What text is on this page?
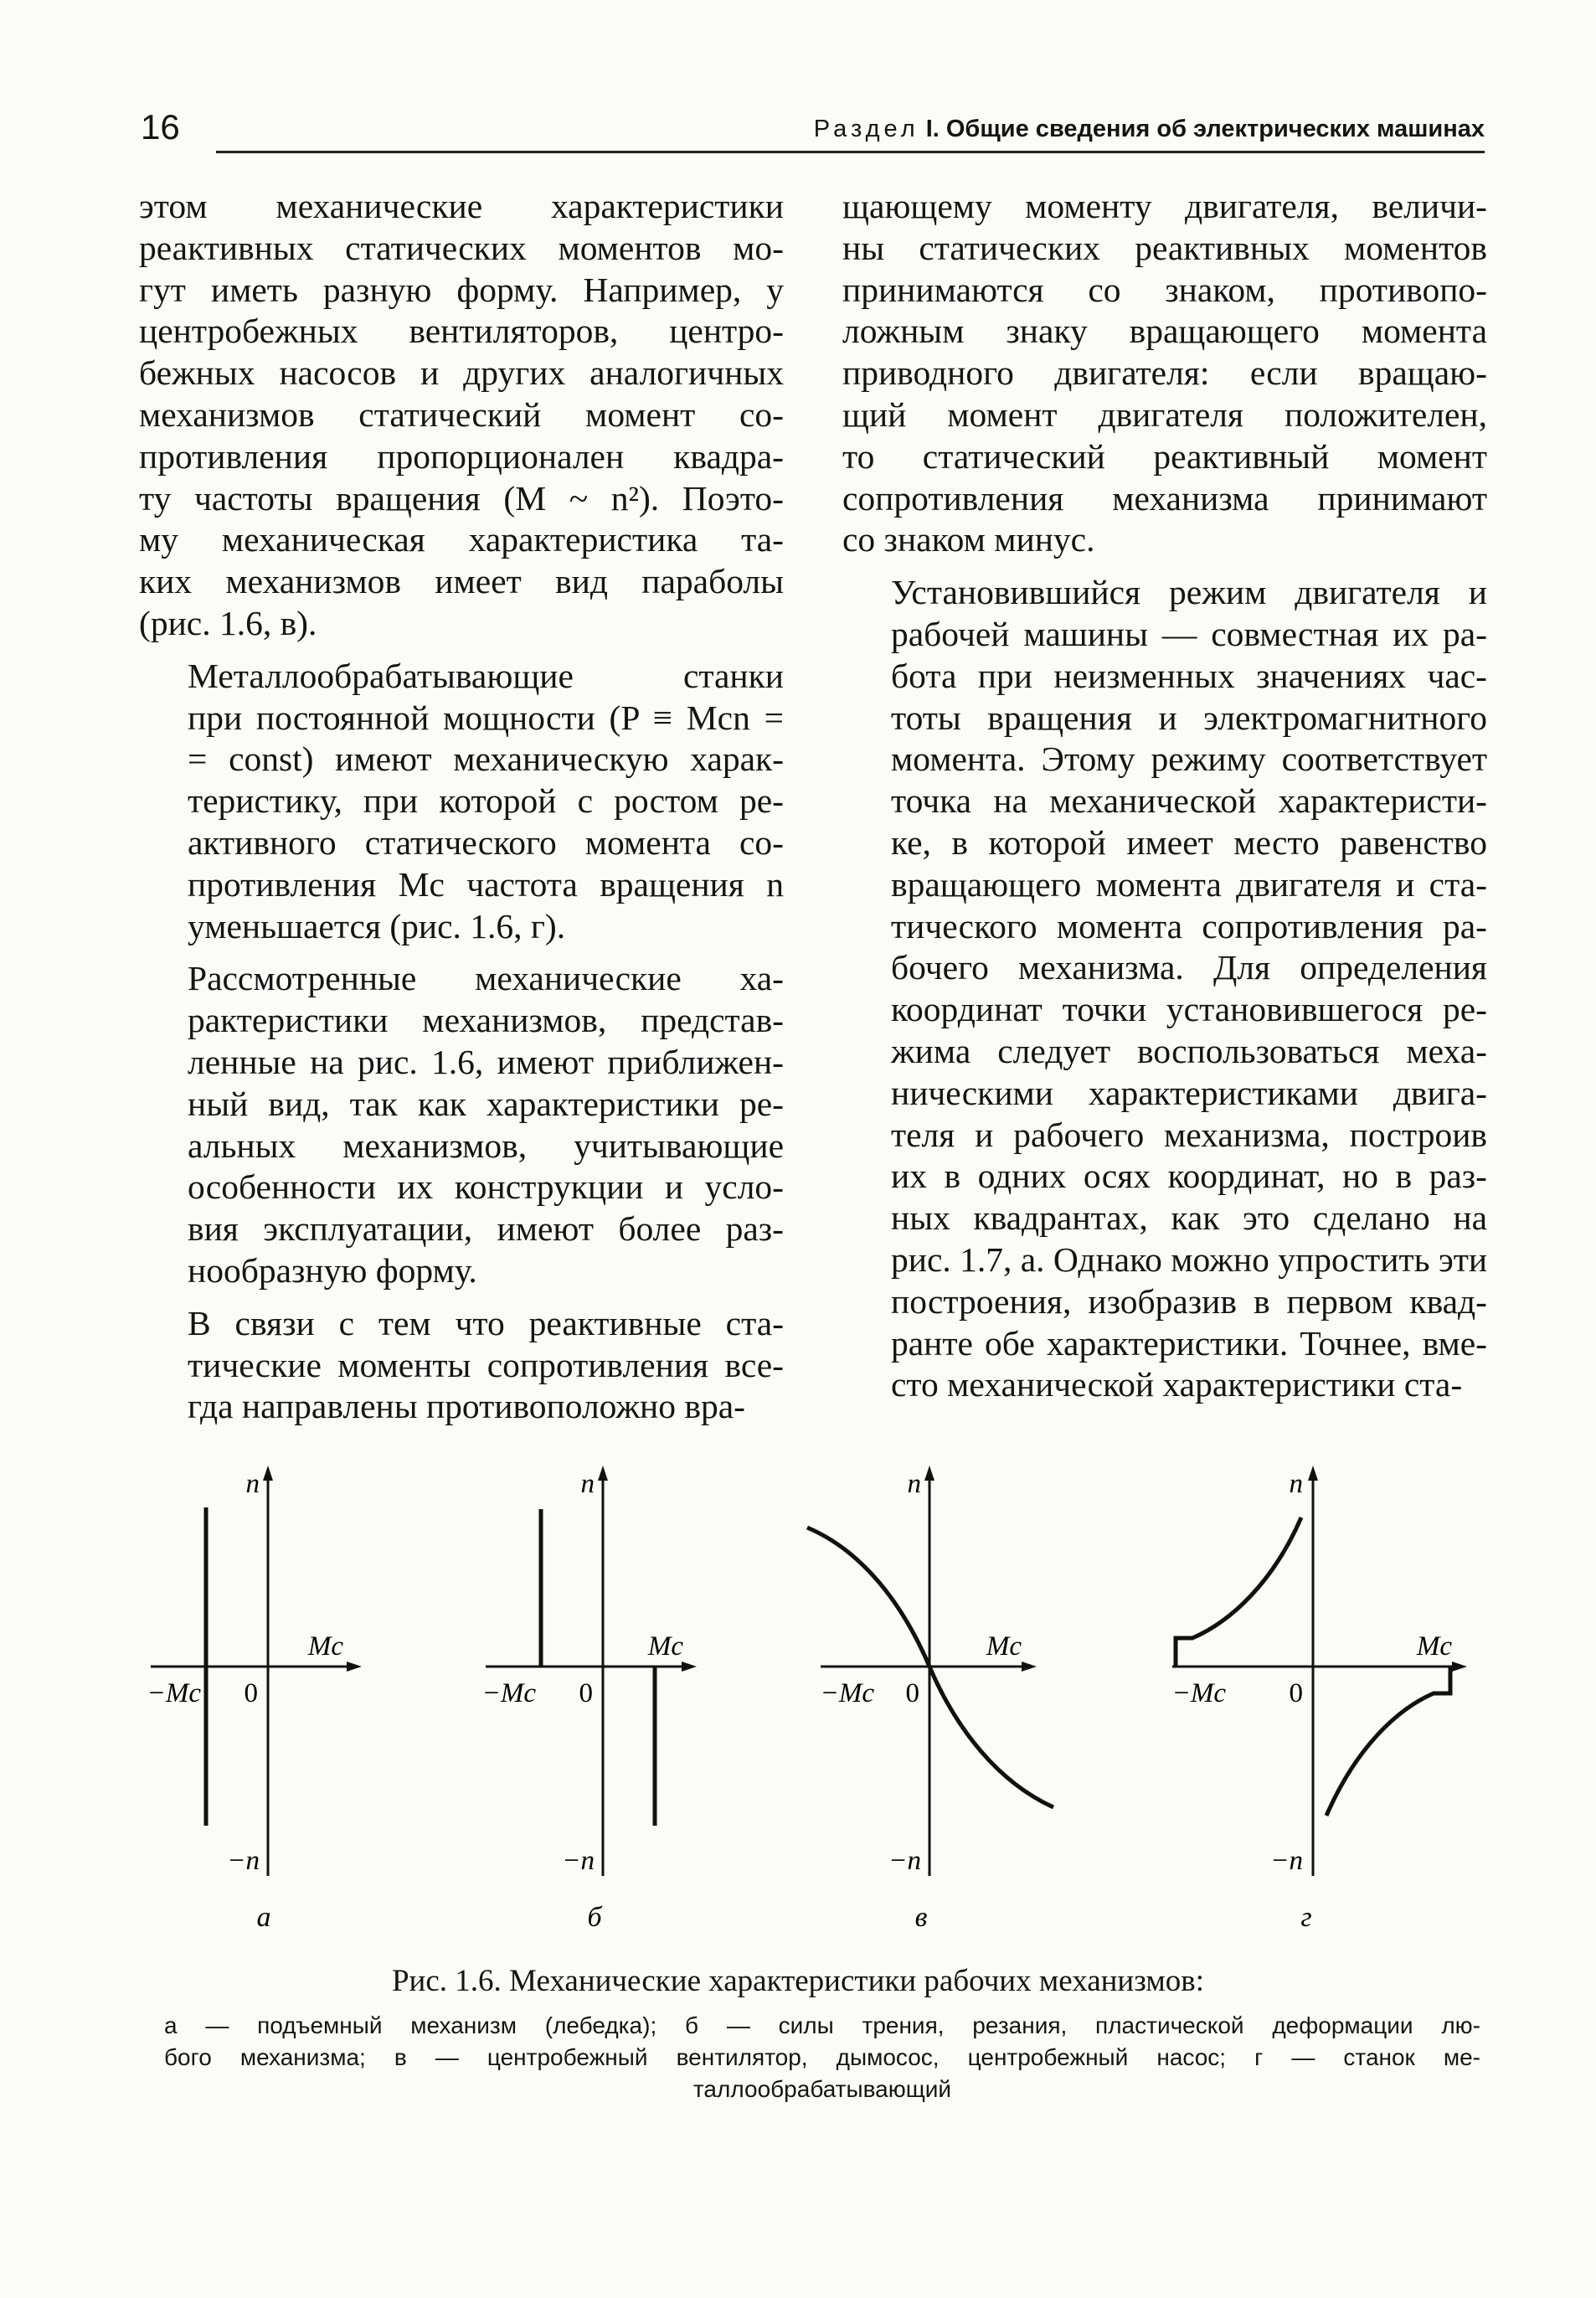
16	Раздел I. Общие сведения об электрических машинах

этом механические характеристики
реактивных статических моментов мо-
гут иметь разную форму. Например, у
центробежных вентиляторов, центро-
бежных насосов и других аналогичных
механизмов статический момент со-
противления пропорционален квадра-
ту частоты вращения (M ~ n²). Поэто-
му механическая характеристика та-
ких механизмов имеет вид параболы
(рис. 1.6, в).

Металлообрабатывающие станки
при постоянной мощности (P ≡ Mсn =
= const) имеют механическую харак-
теристику, при которой с ростом ре-
активного статического момента со-
противления Mс частота вращения n
уменьшается (рис. 1.6, г).

Рассмотренные механические ха-
рактеристики механизмов, представ-
ленные на рис. 1.6, имеют приближен-
ный вид, так как характеристики ре-
альных механизмов, учитывающие
особенности их конструкции и усло-
вия эксплуатации, имеют более раз-
нообразную форму.

В связи с тем что реактивные ста-
тические моменты сопротивления все-
гда направлены противоположно вра-

щающему моменту двигателя, величи-
ны статических реактивных моментов
принимаются со знаком, противопо-
ложным знаку вращающего момента
приводного двигателя: если вращаю-
щий момент двигателя положителен,
то статический реактивный момент
сопротивления механизма принимают
со знаком минус.

Установившийся режим двигателя и
рабочей машины — совместная их ра-
бота при неизменных значениях час-
тоты вращения и электромагнитного
момента. Этому режиму соответствует
точка на механической характеристи-
ке, в которой имеет место равенство
вращающего момента двигателя и ста-
тического момента сопротивления ра-
бочего механизма. Для определения
координат точки установившегося ре-
жима следует воспользоваться меха-
ническими характеристиками двига-
теля и рабочего механизма, построив
их в одних осях координат, но в раз-
ных квадрантах, как это сделано на
рис. 1.7, а. Однако можно упростить эти
построения, изобразив в первом квад-
ранте обе характеристики. Точнее, вме-
сто механической характеристики ста-

n
−n
Mc
−Mc 0
а
n
−n
Mc
−Mc 0
б
n
−n
Mc
−Mc 0
в
n
−n
Mc
−Mc 0
г
Рис. 1.6. Механические характеристики рабочих механизмов:
а — подъемный механизм (лебедка); б — силы трения, резания, пластической деформации лю-
бого механизма; в — центробежный вентилятор, дымосос, центробежный насос; г — станок ме-
таллообрабатывающий
